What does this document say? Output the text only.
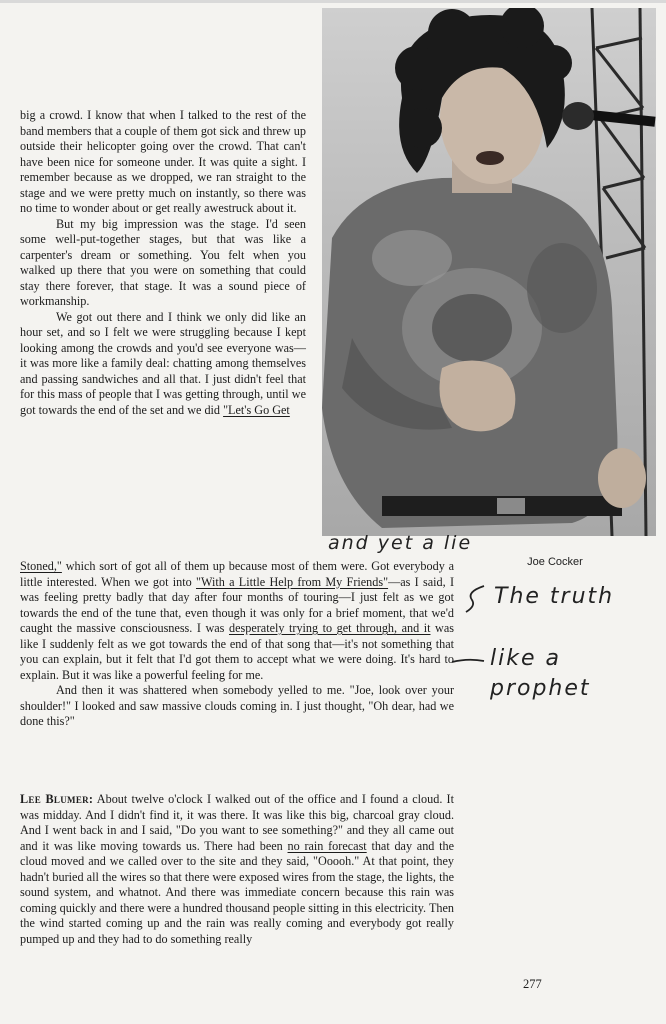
Joe Cocker

big a crowd. I know that when I talked to the rest of the band members that a couple of them got sick and threw up outside their helicopter going over the crowd. That can't have been nice for someone under. It was quite a sight. I remember because as we dropped, we ran straight to the stage and we were pretty much on instantly, so there was no time to wonder about or get really awestruck about it.

But my big impression was the stage. I'd seen some well-put-together stages, but that was like a carpenter's dream or something. You felt when you walked up there that you were on something that could stay there forever, that stage. It was a sound piece of workmanship.

We got out there and I think we only did like an hour set, and so I felt we were struggling because I kept looking among the crowds and you'd see everyone was—it was more like a family deal: chatting among themselves and passing sandwiches and all that. I just didn't feel that for this mass of people that I was getting through, until we got towards the end of the set and we did "Let's Go Get

Stoned," which sort of got all of them up because most of them were. Got everybody a little interested. When we got into "With a Little Help from My Friends"—as I said, I was feeling pretty badly that day after four months of touring—I just felt as we got towards the end of the tune that, even though it was only for a brief moment, that we'd caught the massive consciousness. I was desperately trying to get through, and it was like I suddenly felt as we got towards the end of that song that—it's not something that you can explain, but it felt that I'd got them to accept what we were doing. It's hard to explain. But it was like a powerful feeling for me.

And then it was shattered when somebody yelled to me. "Joe, look over your shoulder!" I looked and saw massive clouds coming in. I just thought, "Oh dear, had we done this?"

Lee Blumer: About twelve o'clock I walked out of the office and I found a cloud. It was midday. And I didn't find it, it was there. It was like this big, charcoal gray cloud. And I went back in and I said, "Do you want to see something?" and they all came out and it was like moving towards us. There had been no rain forecast that day and the cloud moved and we called over to the site and they said, "Ooooh." At that point, they hadn't buried all the wires so that there were exposed wires from the stage, the lights, the sound system, and whatnot. And there was immediate concern because this rain was coming quickly and there were a hundred thousand people sitting in this electricity. Then the wind started coming up and the rain was really coming and everybody got really pumped up and they had to do something really

and yet a lie
The truth
like a
prophet
277
